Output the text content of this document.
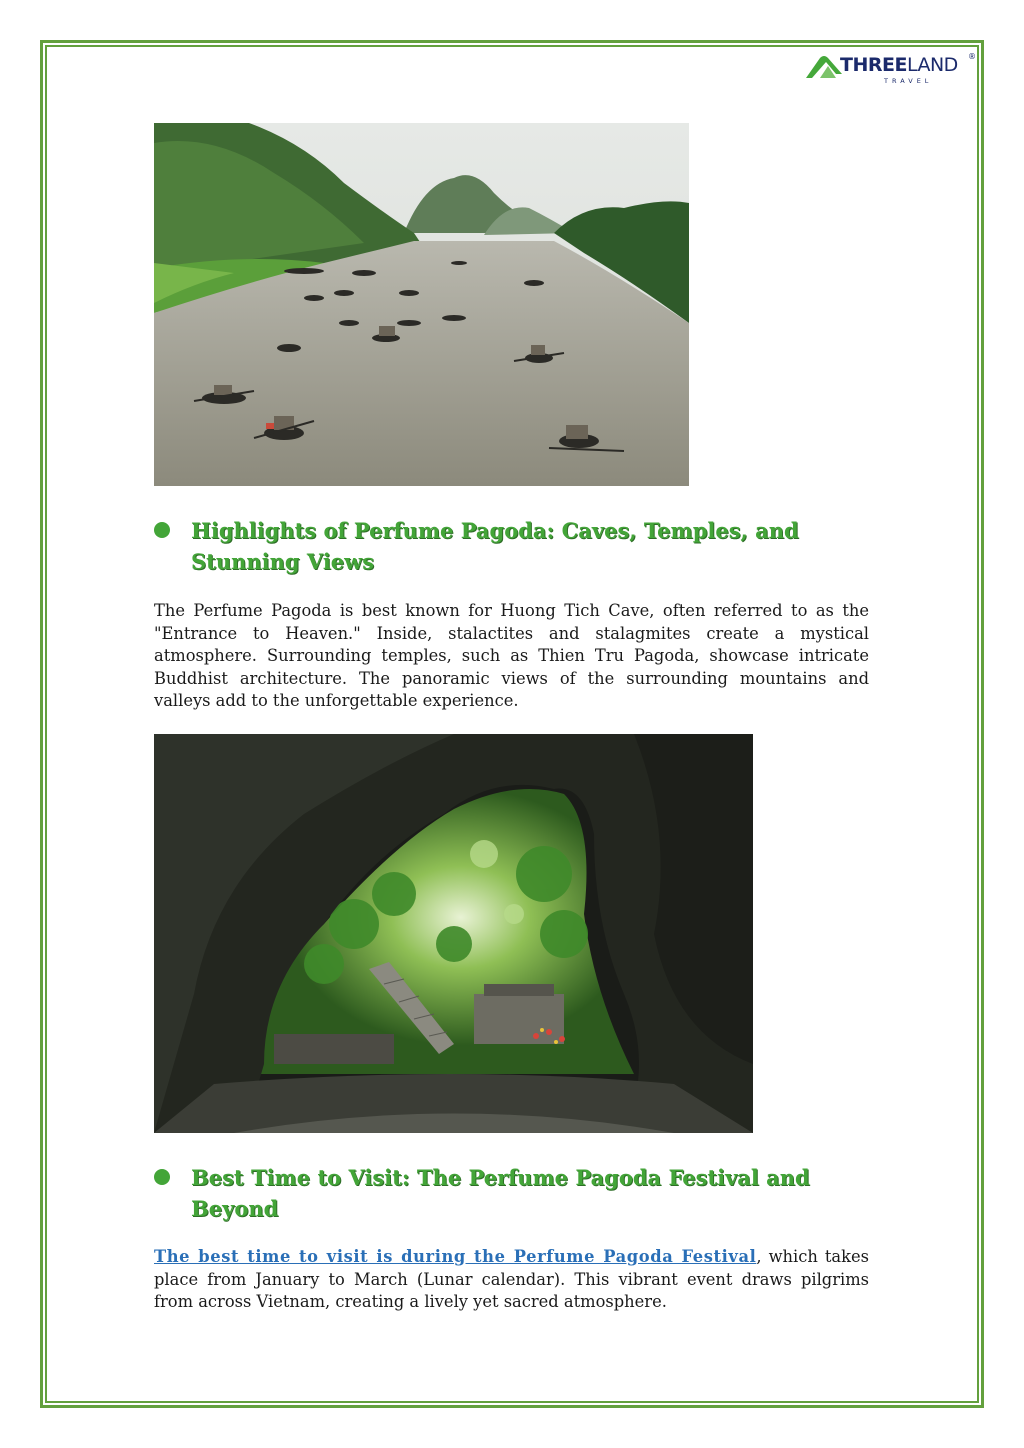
THREELAND ®
TRAVEL
Highlights of Perfume Pagoda: Caves, Temples, and Stunning Views

The Perfume Pagoda is best known for Huong Tich Cave, often referred to as the "Entrance to Heaven." Inside, stalactites and stalagmites create a mystical atmosphere. Surrounding temples, such as Thien Tru Pagoda, showcase intricate Buddhist architecture. The panoramic views of the surrounding mountains and valleys add to the unforgettable experience.

Best Time to Visit: The Perfume Pagoda Festival and Beyond

The best time to visit is during the Perfume Pagoda Festival, which takes place from January to March (Lunar calendar). This vibrant event draws pilgrims from across Vietnam, creating a lively yet sacred atmosphere.
